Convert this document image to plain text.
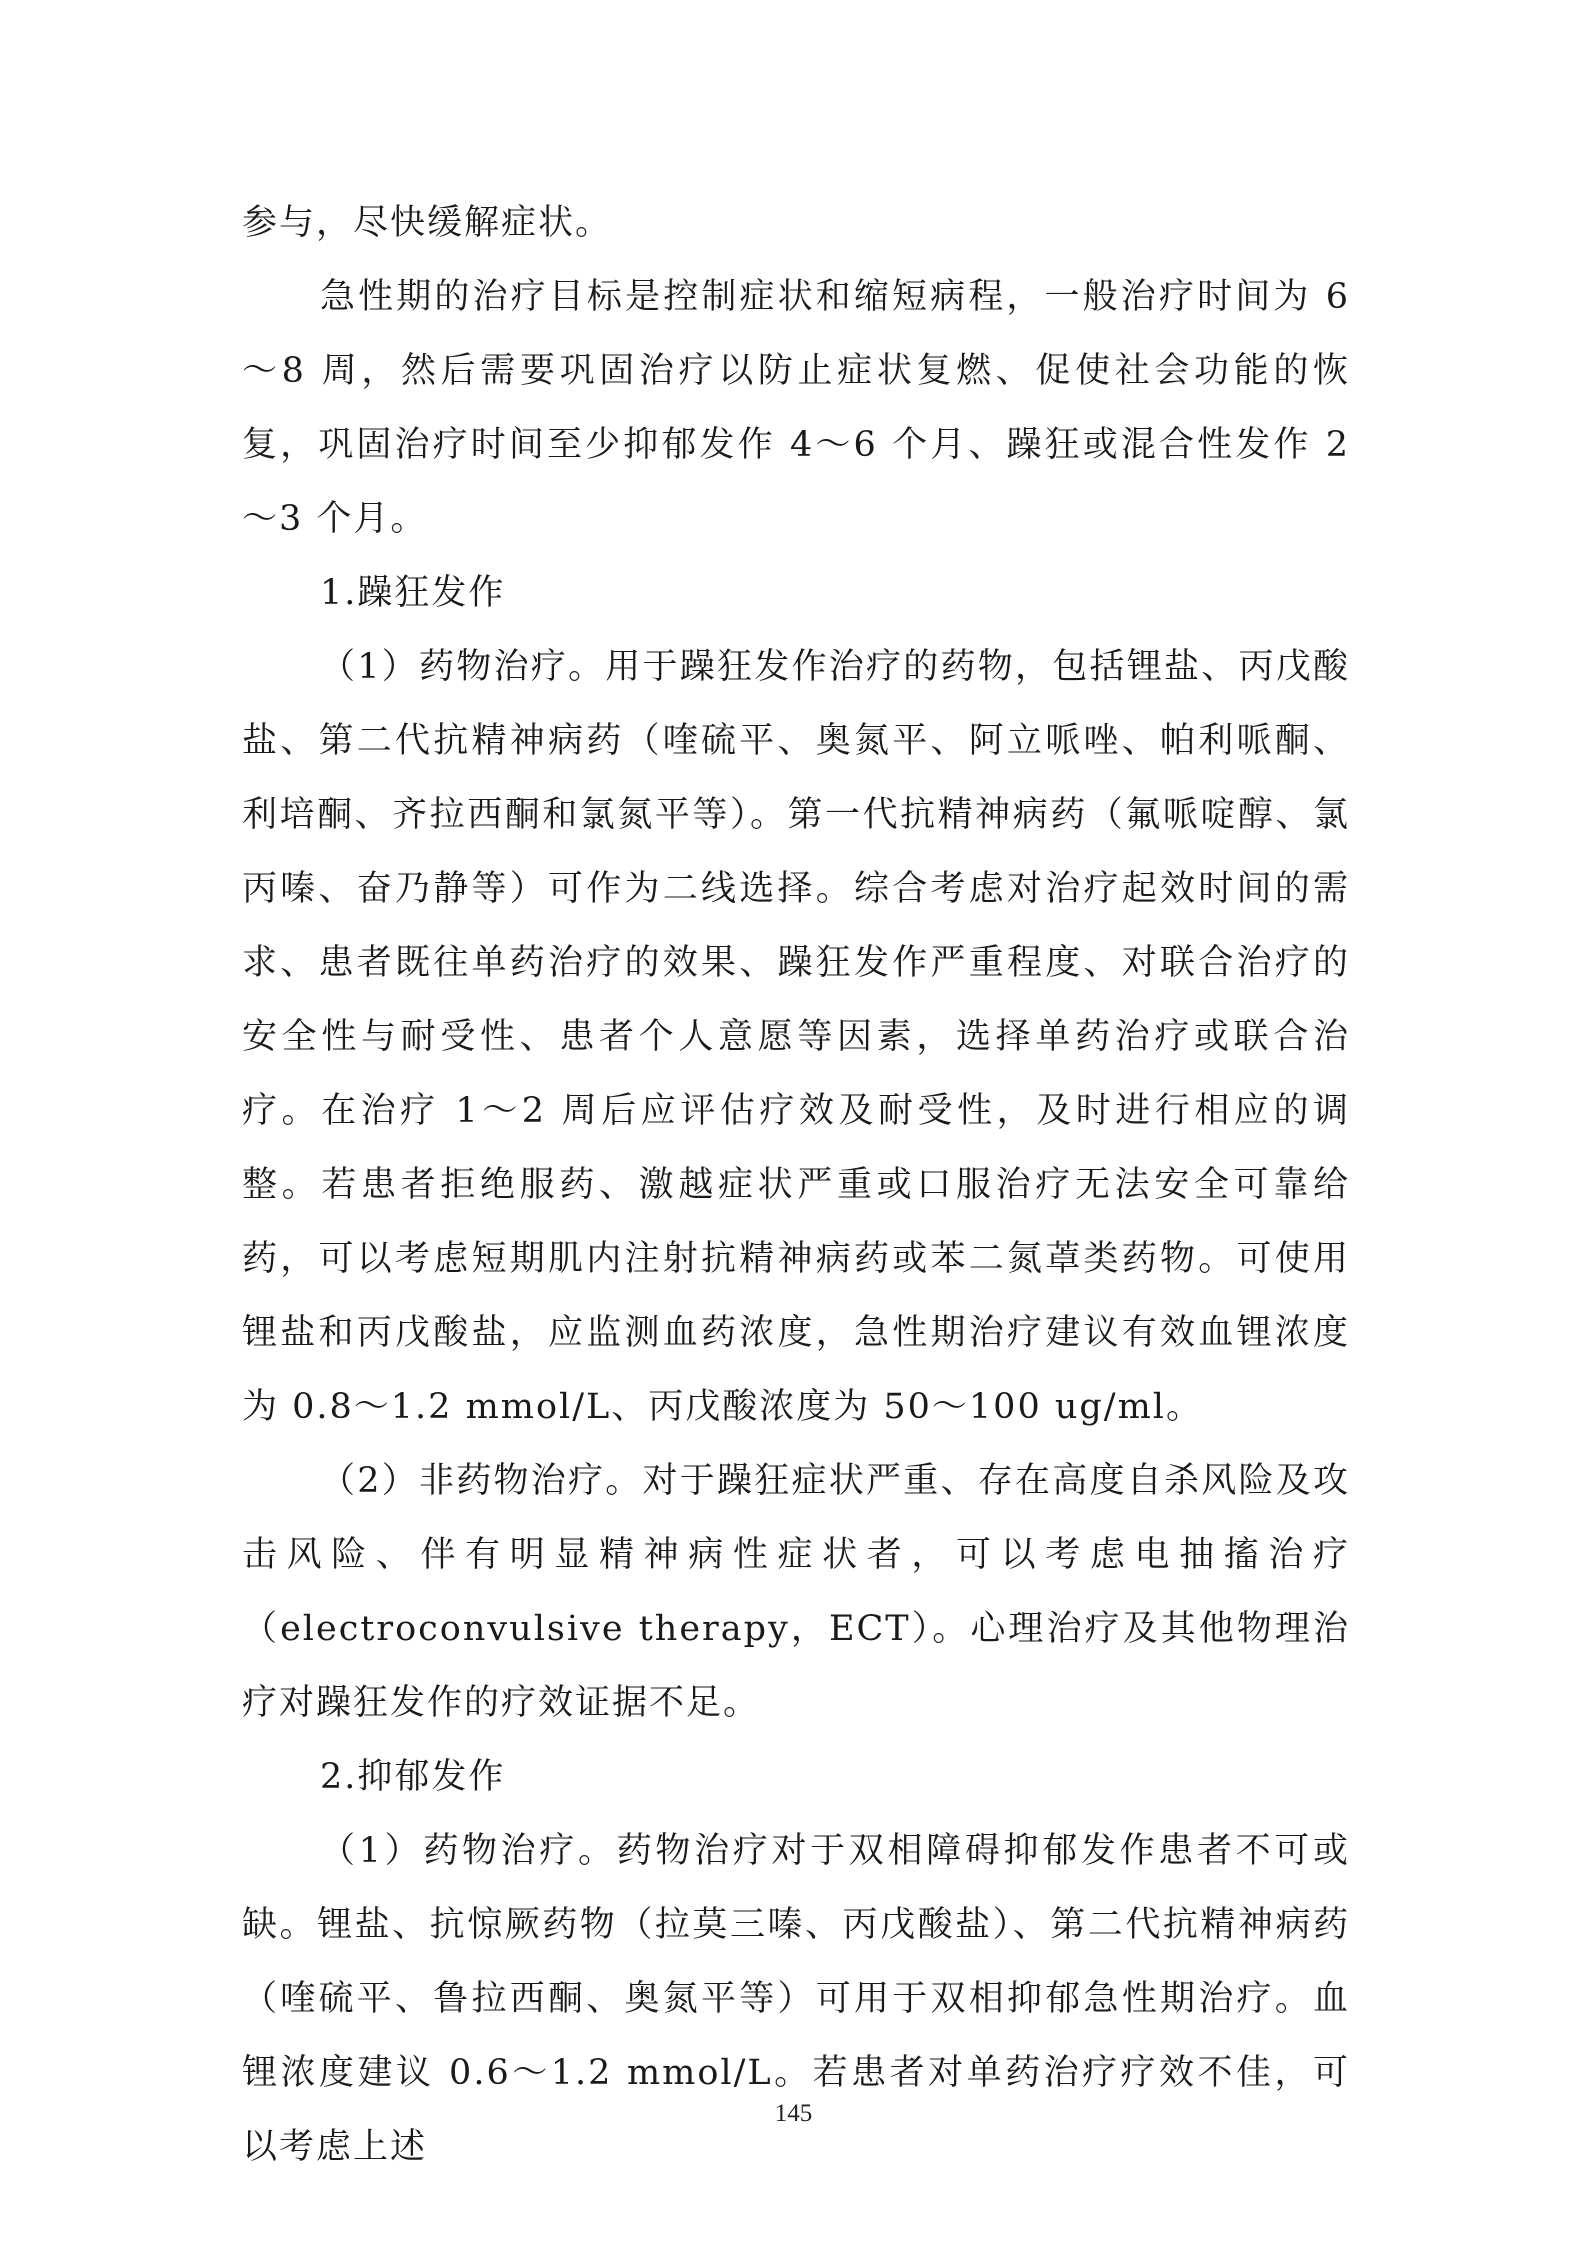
参与，尽快缓解症状。

急性期的治疗目标是控制症状和缩短病程，一般治疗时间为 6～8 周，然后需要巩固治疗以防止症状复燃、促使社会功能的恢复，巩固治疗时间至少抑郁发作 4～6 个月、躁狂或混合性发作 2～3 个月。

1.躁狂发作

（1）药物治疗。用于躁狂发作治疗的药物，包括锂盐、丙戊酸盐、第二代抗精神病药（喹硫平、奥氮平、阿立哌唑、帕利哌酮、利培酮、齐拉西酮和氯氮平等）。第一代抗精神病药（氟哌啶醇、氯丙嗪、奋乃静等）可作为二线选择。综合考虑对治疗起效时间的需求、患者既往单药治疗的效果、躁狂发作严重程度、对联合治疗的安全性与耐受性、患者个人意愿等因素，选择单药治疗或联合治疗。在治疗 1～2 周后应评估疗效及耐受性，及时进行相应的调整。若患者拒绝服药、激越症状严重或口服治疗无法安全可靠给药，可以考虑短期肌内注射抗精神病药或苯二氮䓬类药物。可使用锂盐和丙戊酸盐，应监测血药浓度，急性期治疗建议有效血锂浓度为 0.8～1.2 mmol/L、丙戊酸浓度为 50～100 ug/ml。

（2）非药物治疗。对于躁狂症状严重、存在高度自杀风险及攻击风险、伴有明显精神病性症状者，可以考虑电抽搐治疗（electroconvulsive therapy，ECT）。心理治疗及其他物理治疗对躁狂发作的疗效证据不足。

2.抑郁发作

（1）药物治疗。药物治疗对于双相障碍抑郁发作患者不可或缺。锂盐、抗惊厥药物（拉莫三嗪、丙戊酸盐）、第二代抗精神病药（喹硫平、鲁拉西酮、奥氮平等）可用于双相抑郁急性期治疗。血锂浓度建议 0.6～1.2 mmol/L。若患者对单药治疗疗效不佳，可以考虑上述

145
